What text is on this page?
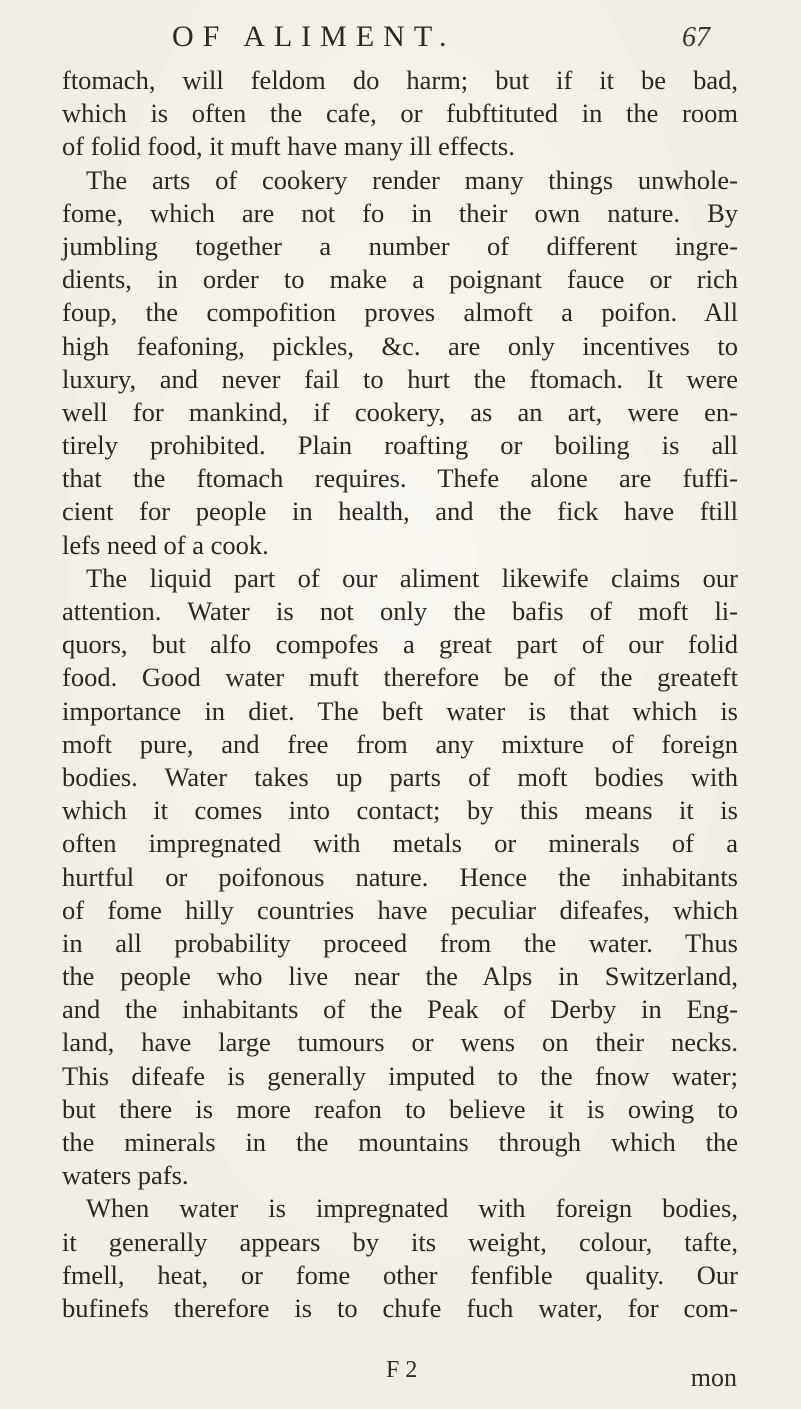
OF ALIMENT.	67
ftomach, will feldom do harm; but if it be bad,
which is often the cafe, or fubftituted in the room
of folid food, it muft have many ill effects.
The arts of cookery render many things unwhole-
fome, which are not fo in their own nature. By
jumbling together a number of different ingre-
dients, in order to make a poignant fauce or rich
foup, the compofition proves almoft a poifon. All
high feafoning, pickles, &c. are only incentives to
luxury, and never fail to hurt the ftomach. It were
well for mankind, if cookery, as an art, were en-
tirely prohibited. Plain roafting or boiling is all
that the ftomach requires. Thefe alone are fuffi-
cient for people in health, and the fick have ftill
lefs need of a cook.
The liquid part of our aliment likewife claims our
attention. Water is not only the bafis of moft li-
quors, but alfo compofes a great part of our folid
food. Good water muft therefore be of the greateft
importance in diet. The beft water is that which is
moft pure, and free from any mixture of foreign
bodies. Water takes up parts of moft bodies with
which it comes into contact; by this means it is
often impregnated with metals or minerals of a
hurtful or poifonous nature. Hence the inhabitants
of fome hilly countries have peculiar difeafes, which
in all probability proceed from the water. Thus
the people who live near the Alps in Switzerland,
and the inhabitants of the Peak of Derby in Eng-
land, have large tumours or wens on their necks.
This difeafe is generally imputed to the fnow water;
but there is more reafon to believe it is owing to
the minerals in the mountains through which the
waters pafs.
When water is impregnated with foreign bodies,
it generally appears by its weight, colour, tafte,
fmell, heat, or fome other fenfible quality. Our
bufinefs therefore is to chufe fuch water, for com-
F 2	mon
